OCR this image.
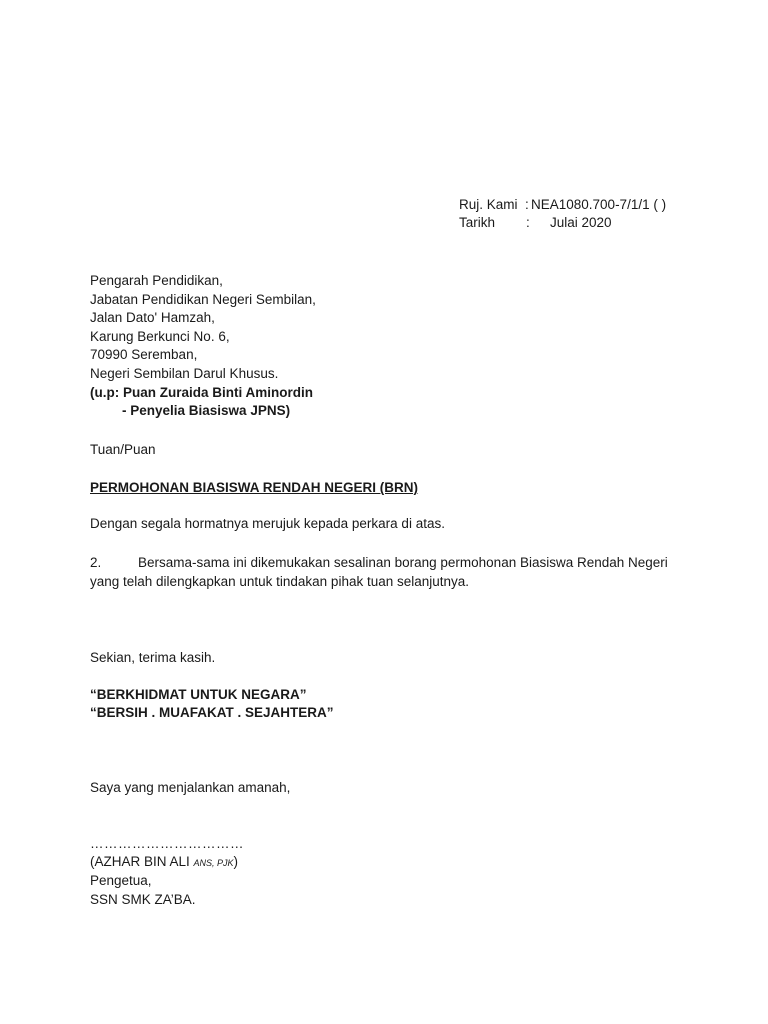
Ruj. Kami : NEA1080.700-7/1/1 ( )
Tarikh : Julai 2020
Pengarah Pendidikan,
Jabatan Pendidikan Negeri Sembilan,
Jalan Dato' Hamzah,
Karung Berkunci No. 6,
70990 Seremban,
Negeri Sembilan Darul Khusus.
(u.p: Puan Zuraida Binti Aminordin
- Penyelia Biasiswa JPNS)
Tuan/Puan
PERMOHONAN BIASISWA RENDAH NEGERI (BRN)
Dengan segala hormatnya merujuk kepada perkara di atas.
2.	Bersama-sama ini dikemukakan sesalinan borang permohonan Biasiswa Rendah Negeri
yang telah dilengkapkan untuk tindakan pihak tuan selanjutnya.
Sekian, terima kasih.
“BERKHIDMAT UNTUK NEGARA”
“BERSIH . MUAFAKAT . SEJAHTERA”
Saya yang menjalankan amanah,
……………………………
(AZHAR BIN ALI ANS, PJK)
Pengetua,
SSN SMK ZA’BA.
